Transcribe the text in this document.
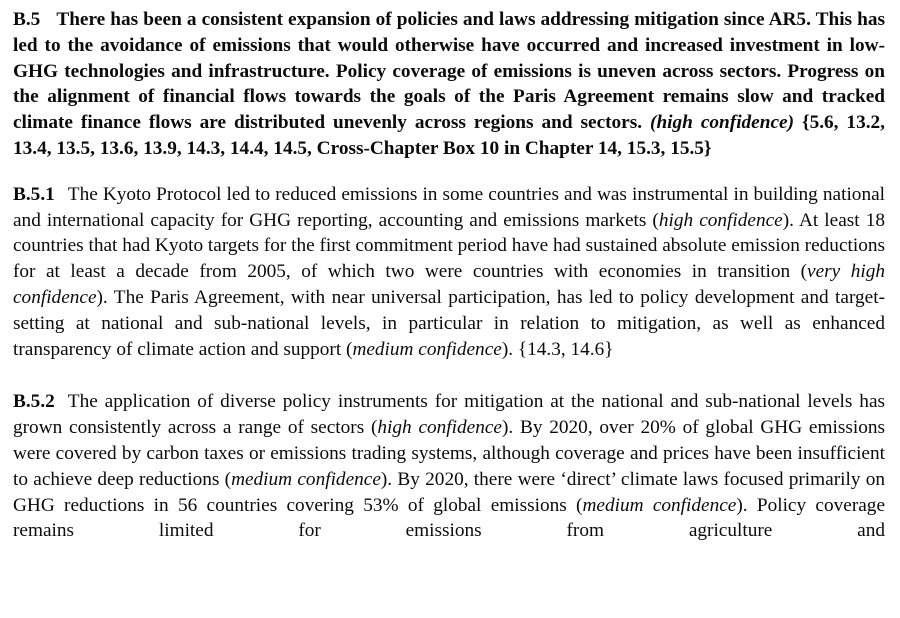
B.5 There has been a consistent expansion of policies and laws addressing mitigation since AR5. This has led to the avoidance of emissions that would otherwise have occurred and increased investment in low-GHG technologies and infrastructure. Policy coverage of emissions is uneven across sectors. Progress on the alignment of financial flows towards the goals of the Paris Agreement remains slow and tracked climate finance flows are distributed unevenly across regions and sectors. (high confidence) {5.6, 13.2, 13.4, 13.5, 13.6, 13.9, 14.3, 14.4, 14.5, Cross-Chapter Box 10 in Chapter 14, 15.3, 15.5}

B.5.1 The Kyoto Protocol led to reduced emissions in some countries and was instrumental in building national and international capacity for GHG reporting, accounting and emissions markets (high confidence). At least 18 countries that had Kyoto targets for the first commitment period have had sustained absolute emission reductions for at least a decade from 2005, of which two were countries with economies in transition (very high confidence). The Paris Agreement, with near universal participation, has led to policy development and target-setting at national and sub-national levels, in particular in relation to mitigation, as well as enhanced transparency of climate action and support (medium confidence). {14.3, 14.6}

B.5.2 The application of diverse policy instruments for mitigation at the national and sub-national levels has grown consistently across a range of sectors (high confidence). By 2020, over 20% of global GHG emissions were covered by carbon taxes or emissions trading systems, although coverage and prices have been insufficient to achieve deep reductions (medium confidence). By 2020, there were ‘direct’ climate laws focused primarily on GHG reductions in 56 countries covering 53% of global emissions (medium confidence). Policy coverage remains limited for emissions from agriculture and
